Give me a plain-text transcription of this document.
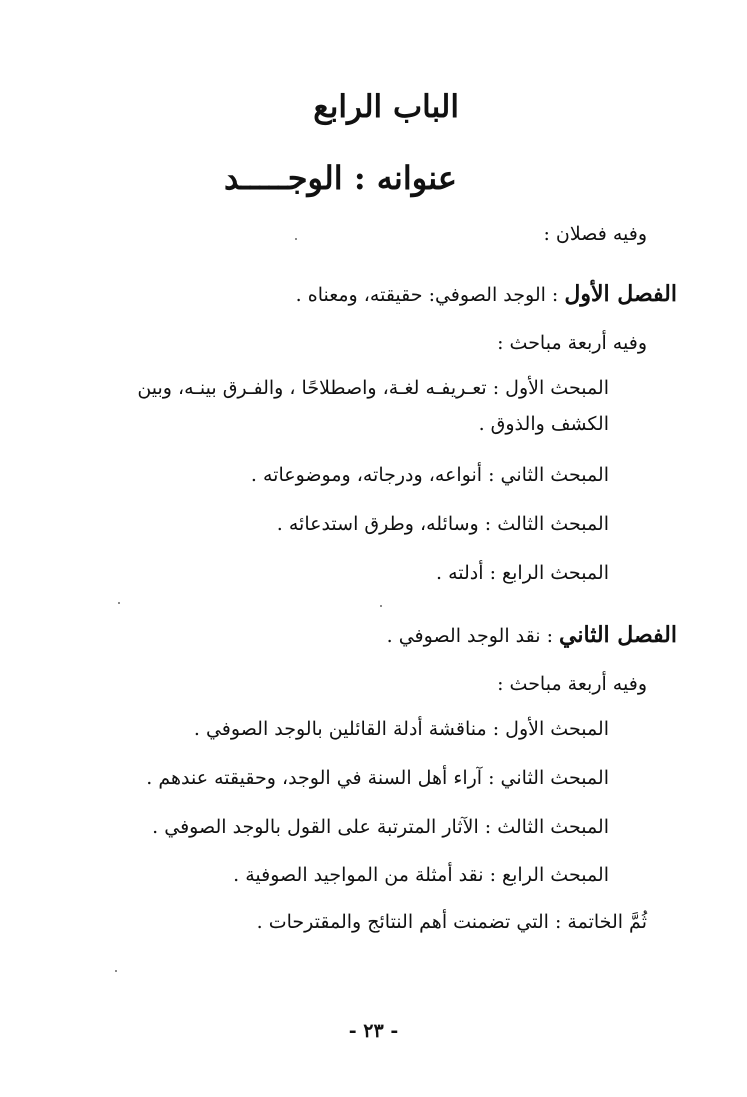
الباب الرابع
عنوانه : الوجـــــد
وفيه فصلان :
الفصل الأول : الوجد الصوفي: حقيقته، ومعناه .
وفيه أربعة مباحث :
المبحث الأول : تعـريفـه لغـة، واصطلاحًا ، والفـرق بينـه، وبين الكشف والذوق .
المبحث الثاني : أنواعه، ودرجاته، وموضوعاته .
المبحث الثالث : وسائله، وطرق استدعائه .
المبحث الرابع : أدلته .
الفصل الثاني : نقد الوجد الصوفي .
وفيه أربعة مباحث :
المبحث الأول : مناقشة أدلة القائلين بالوجد الصوفي .
المبحث الثاني : آراء أهل السنة في الوجد، وحقيقته عندهم .
المبحث الثالث : الآثار المترتبة على القول بالوجد الصوفي .
المبحث الرابع : نقد أمثلة من المواجيد الصوفية .
ثُمَّ الخاتمة : التي تضمنت أهم النتائج والمقترحات .
- ٢٣ -
